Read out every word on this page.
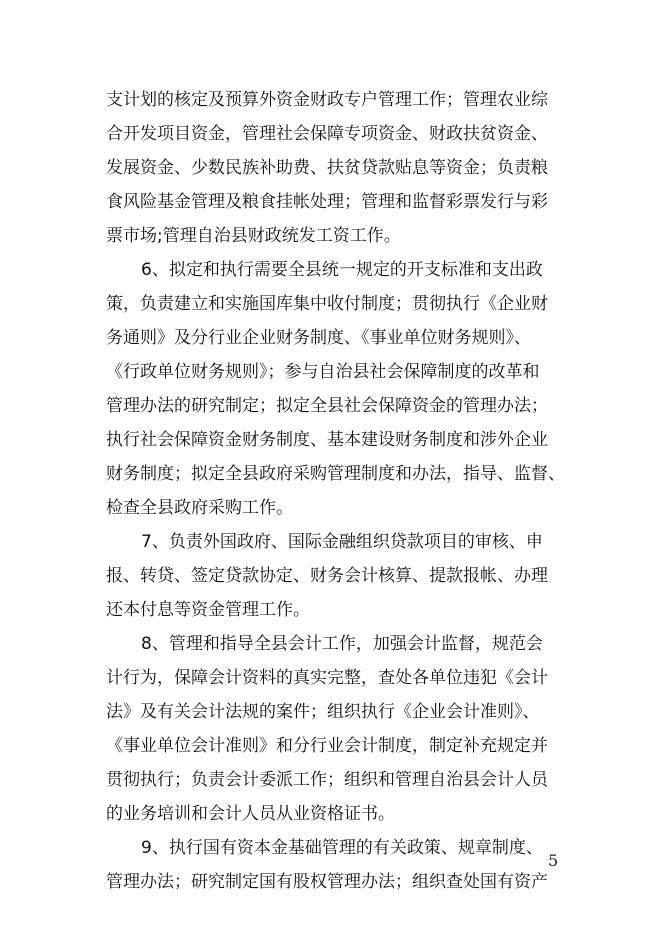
支计划的核定及预算外资金财政专户管理工作；管理农业综
合开发项目资金，管理社会保障专项资金、财政扶贫资金、
发展资金、少数民族补助费、扶贫贷款贴息等资金；负责粮
食风险基金管理及粮食挂帐处理；管理和监督彩票发行与彩
票市场;管理自治县财政统发工资工作。
6、拟定和执行需要全县统一规定的开支标准和支出政
策，负责建立和实施国库集中收付制度；贯彻执行《企业财
务通则》及分行业企业财务制度、《事业单位财务规则》、
《行政单位财务规则》；参与自治县社会保障制度的改革和
管理办法的研究制定；拟定全县社会保障资金的管理办法；
执行社会保障资金财务制度、基本建设财务制度和涉外企业
财务制度；拟定全县政府采购管理制度和办法，指导、监督、
检查全县政府采购工作。
7、负责外国政府、国际金融组织贷款项目的审核、申
报、转贷、签定贷款协定、财务会计核算、提款报帐、办理
还本付息等资金管理工作。
8、管理和指导全县会计工作，加强会计监督，规范会
计行为，保障会计资料的真实完整，查处各单位违犯《会计
法》及有关会计法规的案件；组织执行《企业会计准则》、
《事业单位会计准则》和分行业会计制度，制定补充规定并
贯彻执行；负责会计委派工作；组织和管理自治县会计人员
的业务培训和会计人员从业资格证书。
9、执行国有资本金基础管理的有关政策、规章制度、
管理办法；研究制定国有股权管理办法；组织查处国有资产
5
